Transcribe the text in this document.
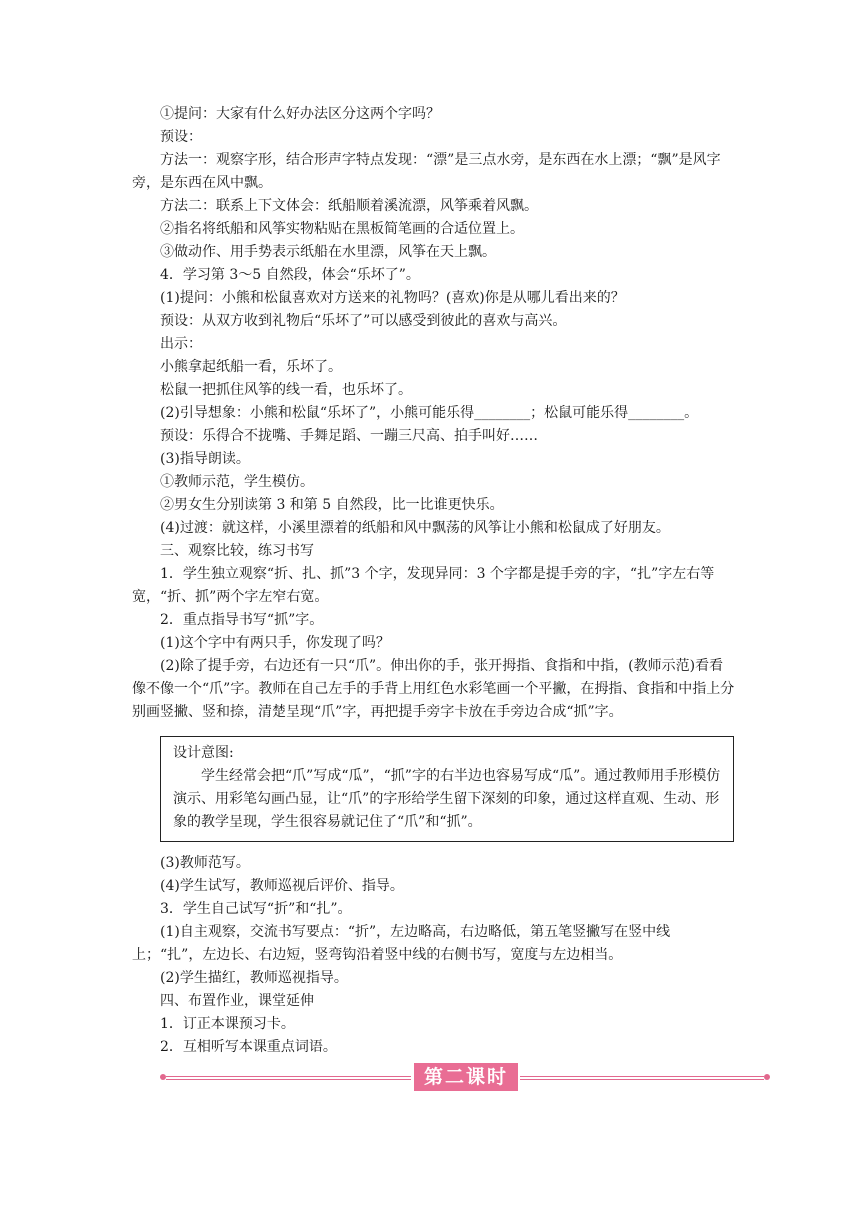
①提问：大家有什么好办法区分这两个字吗？

预设：

方法一：观察字形，结合形声字特点发现：“漂”是三点水旁，是东西在水上漂；“飘”是风字旁，是东西在风中飘。

方法二：联系上下文体会：纸船顺着溪流漂，风筝乘着风飘。

②指名将纸船和风筝实物粘贴在黑板简笔画的合适位置上。

③做动作、用手势表示纸船在水里漂，风筝在天上飘。

4．学习第 3～5 自然段，体会“乐坏了”。

(1)提问：小熊和松鼠喜欢对方送来的礼物吗？(喜欢)你是从哪儿看出来的？

预设：从双方收到礼物后“乐坏了”可以感受到彼此的喜欢与高兴。

出示：

小熊拿起纸船一看，乐坏了。

松鼠一把抓住风筝的线一看，也乐坏了。

(2)引导想象：小熊和松鼠“乐坏了”，小熊可能乐得________；松鼠可能乐得________。

预设：乐得合不拢嘴、手舞足蹈、一蹦三尺高、拍手叫好……

(3)指导朗读。

①教师示范，学生模仿。

②男女生分别读第 3 和第 5 自然段，比一比谁更快乐。

(4)过渡：就这样，小溪里漂着的纸船和风中飘荡的风筝让小熊和松鼠成了好朋友。

三、观察比较，练习书写

1．学生独立观察“折、扎、抓”3 个字，发现异同：3 个字都是提手旁的字，“扎”字左右等宽，“折、抓”两个字左窄右宽。

2．重点指导书写“抓”字。

(1)这个字中有两只手，你发现了吗？

(2)除了提手旁，右边还有一只“爪”。伸出你的手，张开拇指、食指和中指，(教师示范)看看像不像一个“爪”字。教师在自己左手的手背上用红色水彩笔画一个平撇，在拇指、食指和中指上分别画竖撇、竖和捺，清楚呈现“爪”字，再把提手旁字卡放在手旁边合成“抓”字。

设计意图:

学生经常会把“爪”写成“瓜”，“抓”字的右半边也容易写成“瓜”。通过教师用手形模仿演示、用彩笔勾画凸显，让“爪”的字形给学生留下深刻的印象，通过这样直观、生动、形象的教学呈现，学生很容易就记住了“爪”和“抓”。

(3)教师范写。

(4)学生试写，教师巡视后评价、指导。

3．学生自己试写“折”和“扎”。

(1)自主观察，交流书写要点：“折”，左边略高，右边略低，第五笔竖撇写在竖中线上；“扎”，左边长、右边短，竖弯钩沿着竖中线的右侧书写，宽度与左边相当。

(2)学生描红，教师巡视指导。

四、布置作业，课堂延伸

1．订正本课预习卡。

2．互相听写本课重点词语。

第二课时
